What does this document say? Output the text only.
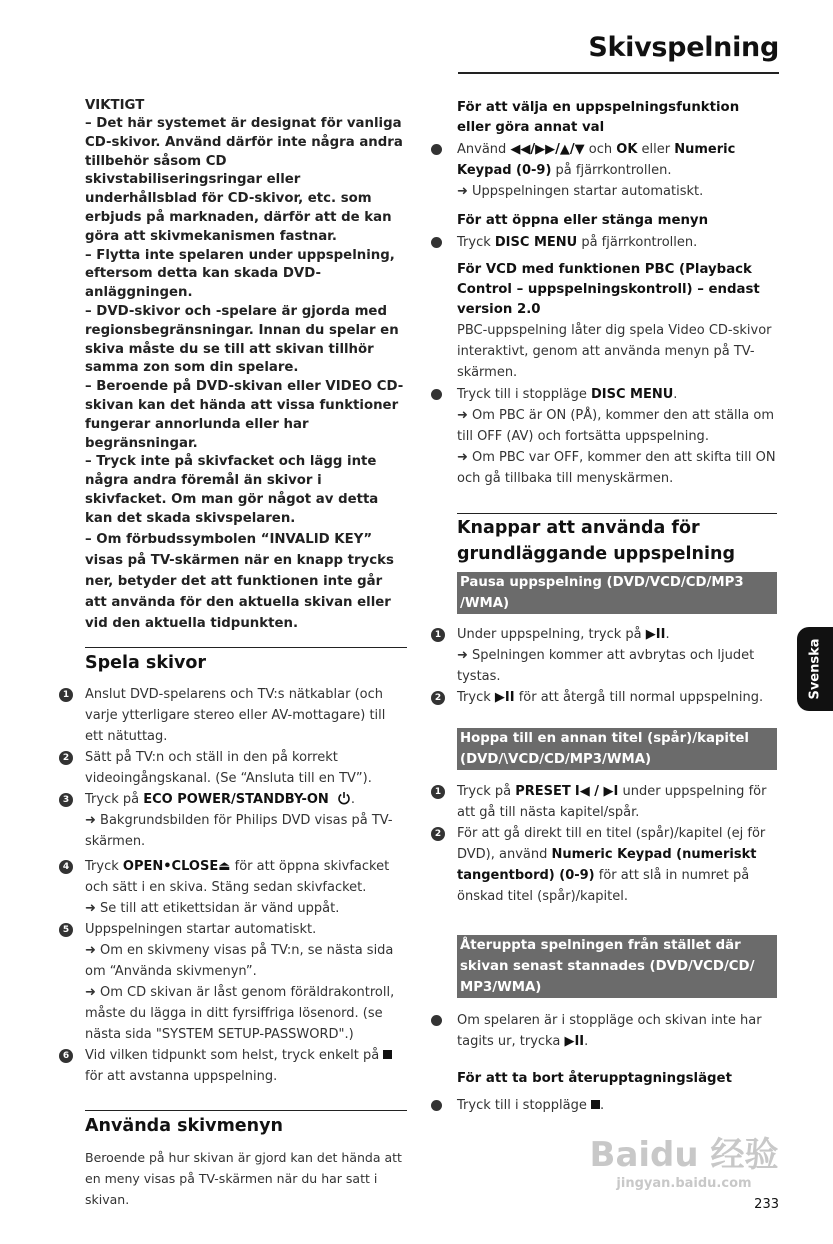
Skivspelning
VIKTIGT

– Det här systemet är designat för vanliga CD-skivor. Använd därför inte några andra tillbehör såsom CD skivstabiliseringsringar eller underhållsblad för CD-skivor, etc. som erbjuds på marknaden, därför att de kan göra att skivmekanismen fastnar.

– Flytta inte spelaren under uppspelning, eftersom detta kan skada DVD-anläggningen.

– DVD-skivor och -spelare är gjorda med regionsbegränsningar. Innan du spelar en skiva måste du se till att skivan tillhör samma zon som din spelare.

– Beroende på DVD-skivan eller VIDEO CD-skivan kan det hända att vissa funktioner fungerar annorlunda eller har begränsningar.

– Tryck inte på skivfacket och lägg inte några andra föremål än skivor i skivfacket. Om man gör något av detta kan det skada skivspelaren.

– Om förbudssymbolen “INVALID KEY” visas på TV-skärmen när en knapp trycks ner, betyder det att funktionen inte går att använda för den aktuella skivan eller vid den aktuella tidpunkten.

Spela skivor
1 Anslut DVD-spelarens och TV:s nätkablar (och varje ytterligare stereo eller AV-mottagare) till ett nätuttag.
2 Sätt på TV:n och ställ in den på korrekt videoingångskanal. (Se “Ansluta till en TV”).
3 Tryck på ECO POWER/STANDBY-ON .
➜ Bakgrundsbilden för Philips DVD visas på TV-skärmen.
4 Tryck OPEN•CLOSE⏏ för att öppna skivfacket och sätt i en skiva. Stäng sedan skivfacket.
➜ Se till att etikettsidan är vänd uppåt.
5 Uppspelningen startar automatiskt.
➜ Om en skivmeny visas på TV:n, se nästa sida om “Använda skivmenyn”.
➜ Om CD skivan är låst genom föräldrakontroll, måste du lägga in ditt fyrsiffriga lösenord. (se nästa sida "SYSTEM SETUP-PASSWORD".)
6 Vid vilken tidpunkt som helst, tryck enkelt på  för att avstanna uppspelning.
Använda skivmenyn
Beroende på hur skivan är gjord kan det hända att en meny visas på TV-skärmen när du har satt i skivan.
För att välja en uppspelningsfunktion eller göra annat val
Använd ◀◀/▶▶/▲/▼ och OK eller Numeric Keypad (0-9) på fjärrkontrollen.
➜ Uppspelningen startar automatiskt.
För att öppna eller stänga menyn
Tryck DISC MENU på fjärrkontrollen.
För VCD med funktionen PBC (Playback Control – uppspelningskontroll) – endast version 2.0
PBC-uppspelning låter dig spela Video CD-skivor interaktivt, genom att använda menyn på TV-skärmen.
Tryck till i stoppläge DISC MENU.
➜ Om PBC är ON (PÅ), kommer den att ställa om till OFF (AV) och fortsätta uppspelning.
➜ Om PBC var OFF, kommer den att skifta till ON och gå tillbaka till menyskärmen.
Knappar att använda för grundläggande uppspelning
Pausa uppspelning (DVD/VCD/CD/MP3 /WMA)
1 Under uppspelning, tryck på ▶II.
➜ Spelningen kommer att avbrytas och ljudet tystas.
2 Tryck ▶II för att återgå till normal uppspelning.
Hoppa till en annan titel (spår)/kapitel (DVD/\VCD/CD/MP3/WMA)
1 Tryck på PRESET I◀ / ▶I under uppspelning för att gå till nästa kapitel/spår.
2 För att gå direkt till en titel (spår)/kapitel (ej för DVD), använd Numeric Keypad (numeriskt tangentbord) (0-9) för att slå in numret på önskad titel (spår)/kapitel.
Återuppta spelningen från stället där skivan senast stannades (DVD/VCD/CD/ MP3/WMA)
Om spelaren är i stoppläge och skivan inte har tagits ur, trycka ▶II.
För att ta bort återupptagningsläget
Tryck till i stoppläge .
Svenska
Baidu 经验
jingyan.baidu.com
233
